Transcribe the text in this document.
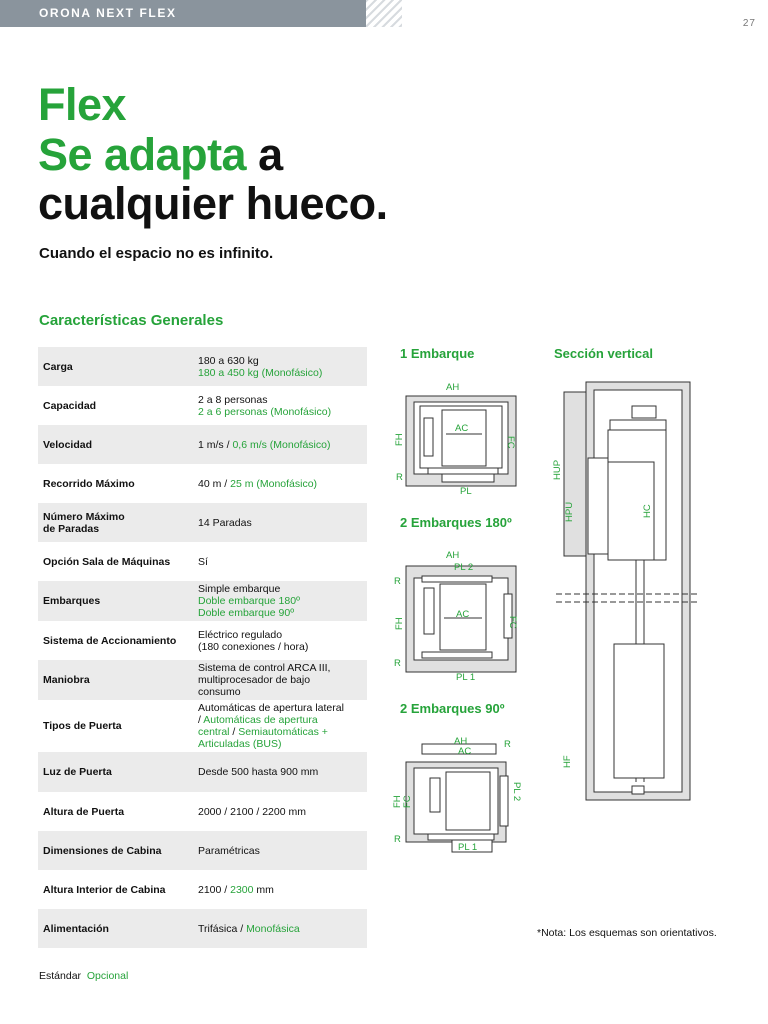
ORONA NEXT FLEX
27
Flex
Se adapta a
cualquier hueco.
Cuando el espacio no es infinito.
Características Generales
Carga	180 a 630 kg
180 a 450 kg (Monofásico)
Capacidad	2 a 8 personas
2 a 6 personas (Monofásico)
Velocidad	1 m/s / 0,6 m/s (Monofásico)
Recorrido Máximo	40 m / 25 m (Monofásico)
Número Máximo
de Paradas	14 Paradas
Opción Sala de Máquinas	Sí
Embarques	Simple embarque
Doble embarque 180º
Doble embarque 90º
Sistema de Accionamiento	Eléctrico regulado
(180 conexiones / hora)
Maniobra	Sistema de control ARCA III,
multiprocesador de bajo
consumo
Tipos de Puerta	Automáticas de apertura lateral
/ Automáticas de apertura
central / Semiautomáticas +
Articuladas (BUS)
Luz de Puerta	Desde 500 hasta 900 mm
Altura de Puerta	2000 / 2100 / 2200 mm
Dimensiones de Cabina	Paramétricas
Altura Interior de Cabina	2100 / 2300 mm
Alimentación	Trifásica / Monofásica
1 Embarque	Sección vertical
2 Embarques 180º
2 Embarques 90º
AH
AC
FH	FC
R
PL
AH
PL 2
AC
FH	FC
R
R
PL 1
AH
AC
R
FH FC
PL 2
R
PL 1
HUP
HPU	HC
HF
*Nota: Los esquemas son orientativos.
Estándar Opcional
